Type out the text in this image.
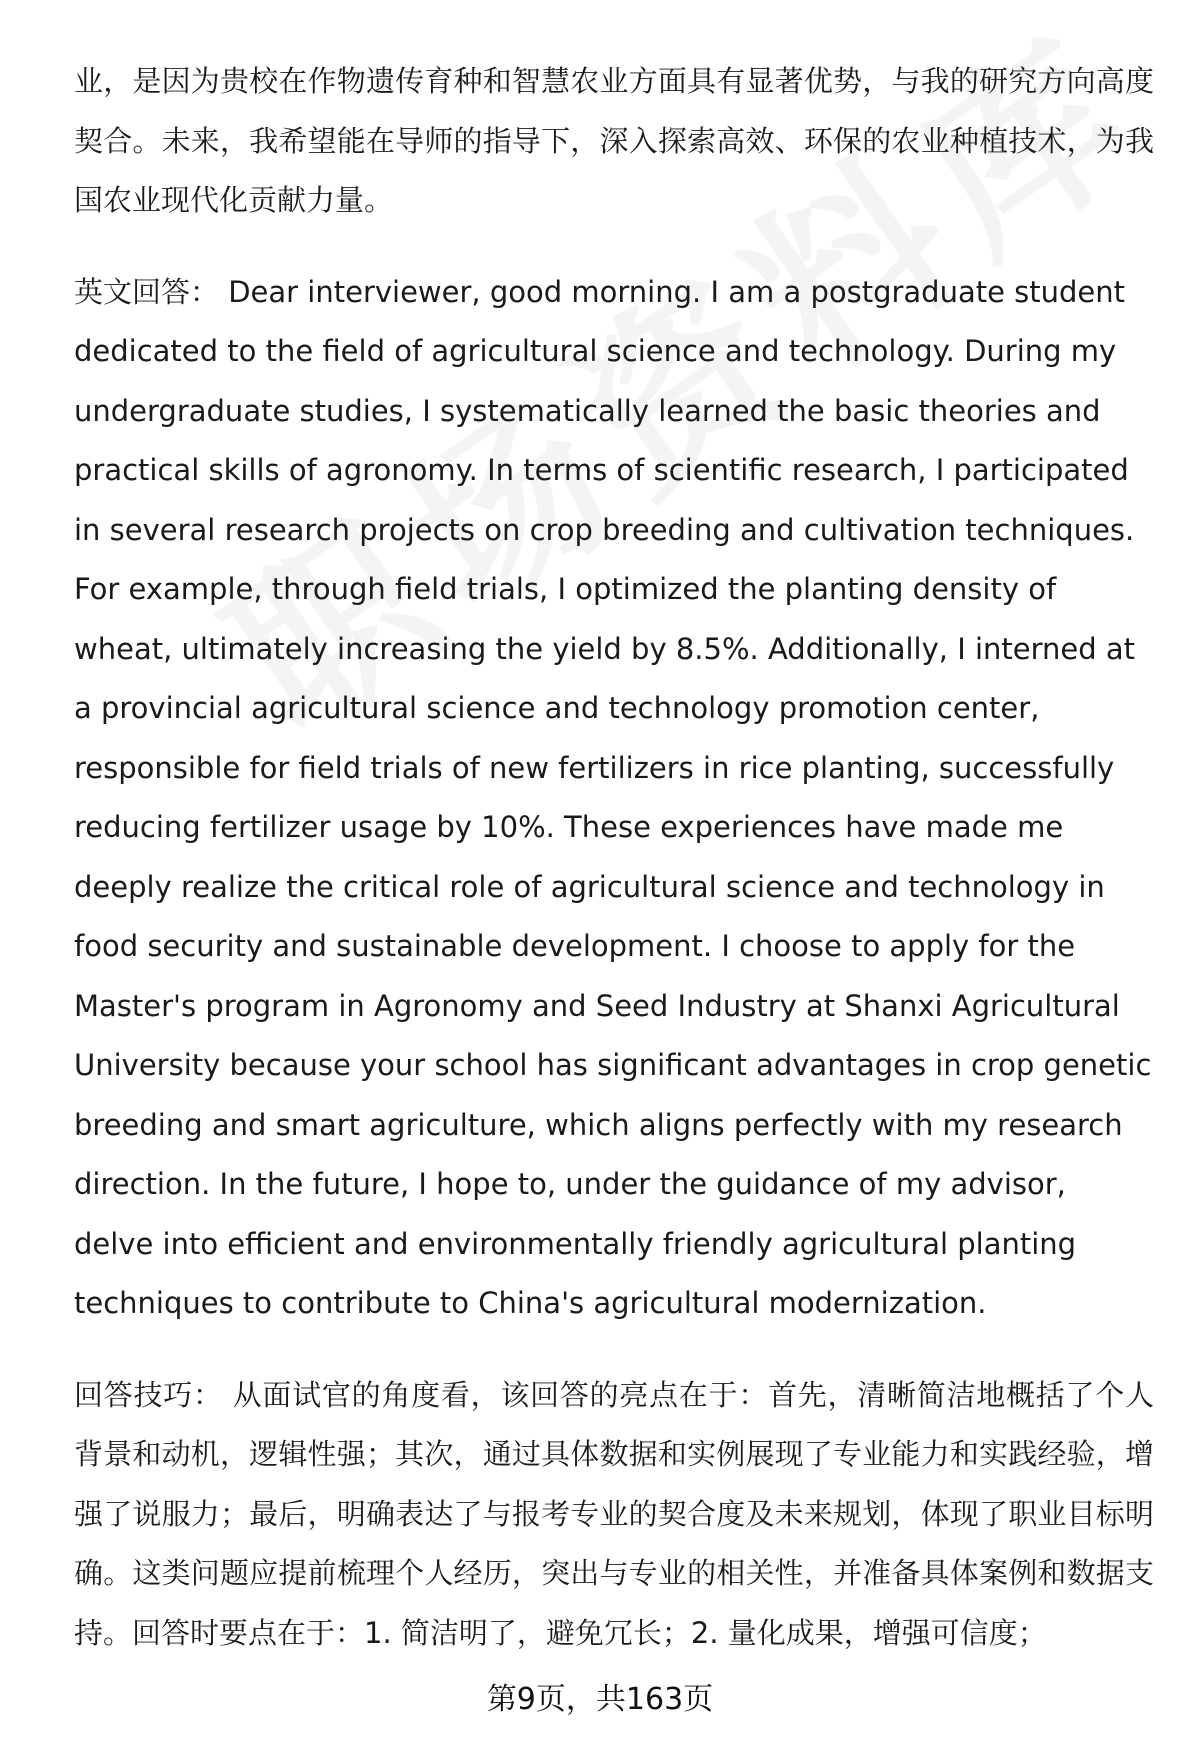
业，是因为贵校在作物遗传育种和智慧农业方面具有显著优势，与我的研究方向高度契合。未来，我希望能在导师的指导下，深入探索高效、环保的农业种植技术，为我国农业现代化贡献力量。

英文回答： Dear interviewer, good morning. I am a postgraduate student dedicated to the field of agricultural science and technology. During my undergraduate studies, I systematically learned the basic theories and practical skills of agronomy. In terms of scientific research, I participated in several research projects on crop breeding and cultivation techniques. For example, through field trials, I optimized the planting density of wheat, ultimately increasing the yield by 8.5%. Additionally, I interned at a provincial agricultural science and technology promotion center, responsible for field trials of new fertilizers in rice planting, successfully reducing fertilizer usage by 10%. These experiences have made me deeply realize the critical role of agricultural science and technology in food security and sustainable development. I choose to apply for the Master's program in Agronomy and Seed Industry at Shanxi Agricultural University because your school has significant advantages in crop genetic breeding and smart agriculture, which aligns perfectly with my research direction. In the future, I hope to, under the guidance of my advisor, delve into efficient and environmentally friendly agricultural planting techniques to contribute to China's agricultural modernization.

回答技巧： 从面试官的角度看，该回答的亮点在于：首先，清晰简洁地概括了个人背景和动机，逻辑性强；其次，通过具体数据和实例展现了专业能力和实践经验，增强了说服力；最后，明确表达了与报考专业的契合度及未来规划，体现了职业目标明确。这类问题应提前梳理个人经历，突出与专业的相关性，并准备具体案例和数据支持。回答时要点在于：1. 简洁明了，避免冗长；2. 量化成果，增强可信度；

第9页，共163页
